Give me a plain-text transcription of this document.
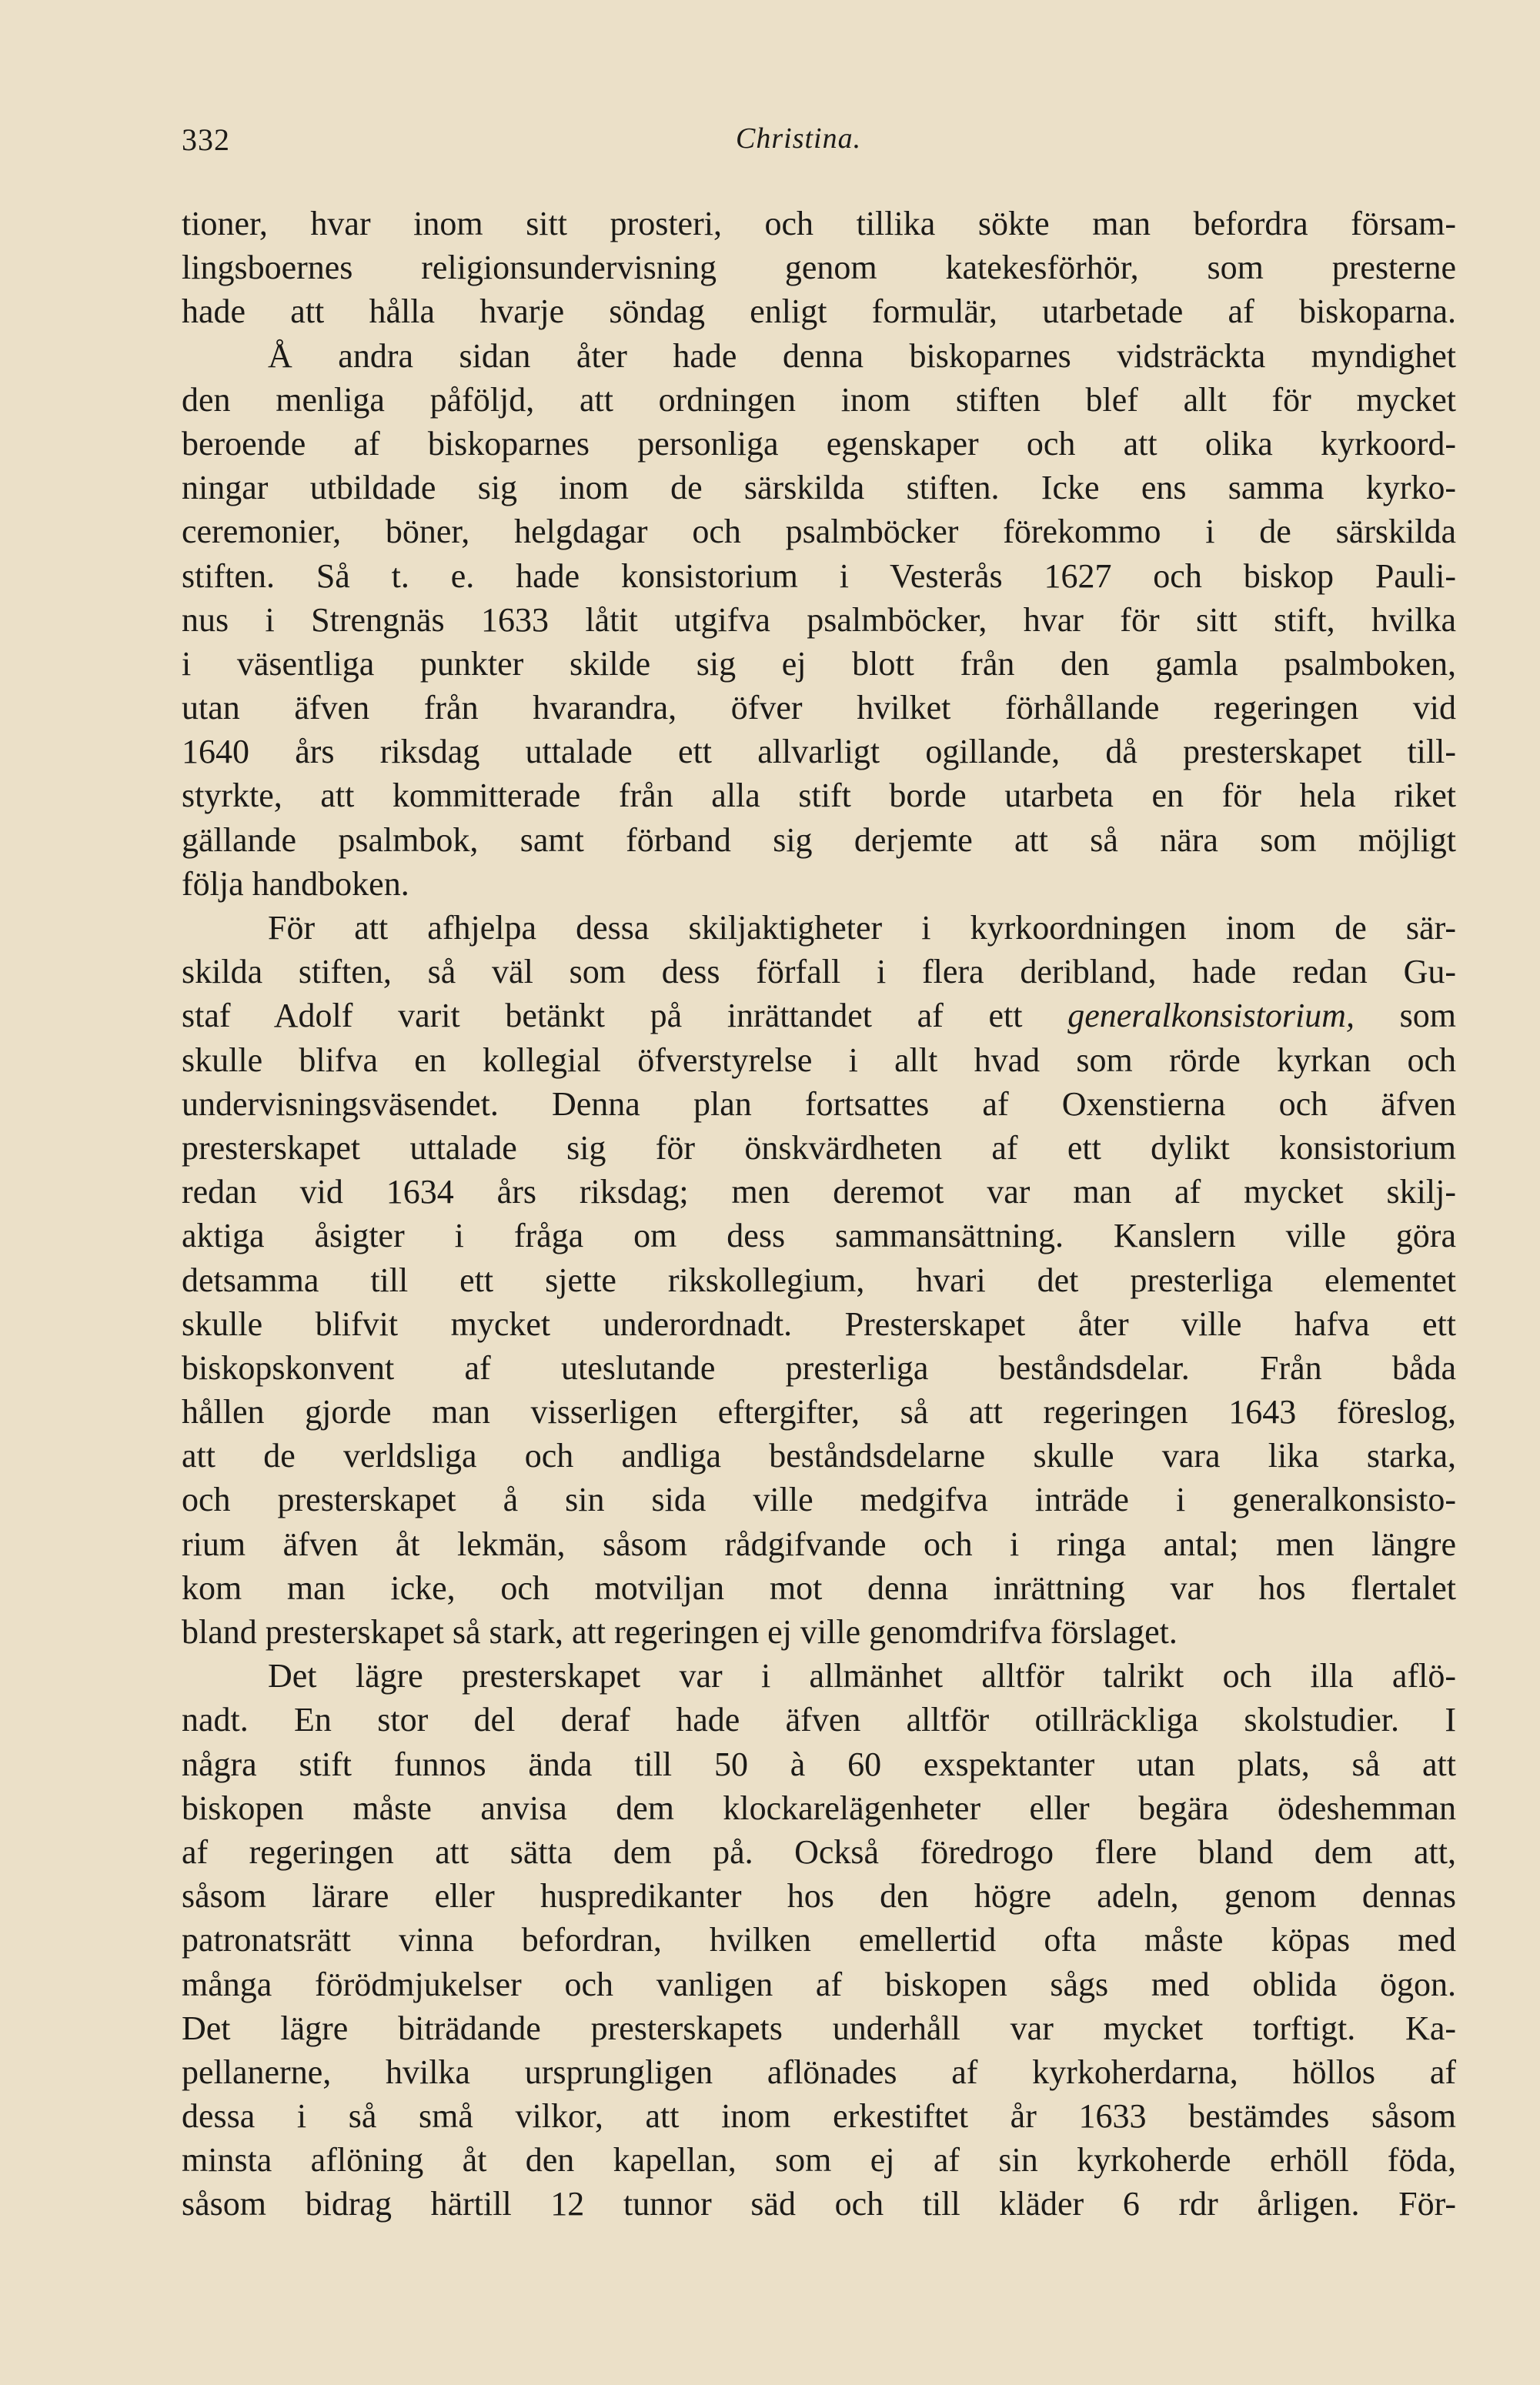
332	Christina.
tioner, hvar inom sitt prosteri, och tillika sökte man befordra försam-
lingsboernes religionsundervisning genom katekesförhör, som presterne
hade att hålla hvarje söndag enligt formulär, utarbetade af biskoparna.
Å andra sidan åter hade denna biskoparnes vidsträckta myndighet
den menliga påföljd, att ordningen inom stiften blef allt för mycket
beroende af biskoparnes personliga egenskaper och att olika kyrkoord-
ningar utbildade sig inom de särskilda stiften. Icke ens samma kyrko-
ceremonier, böner, helgdagar och psalmböcker förekommo i de särskilda
stiften. Så t. e. hade konsistorium i Vesterås 1627 och biskop Pauli-
nus i Strengnäs 1633 låtit utgifva psalmböcker, hvar för sitt stift, hvilka
i väsentliga punkter skilde sig ej blott från den gamla psalmboken,
utan äfven från hvarandra, öfver hvilket förhållande regeringen vid
1640 års riksdag uttalade ett allvarligt ogillande, då presterskapet till-
styrkte, att kommitterade från alla stift borde utarbeta en för hela riket
gällande psalmbok, samt förband sig derjemte att så nära som möjligt
följa handboken.
För att afhjelpa dessa skiljaktigheter i kyrkoordningen inom de sär-
skilda stiften, så väl som dess förfall i flera deribland, hade redan Gu-
staf Adolf varit betänkt på inrättandet af ett generalkonsistorium, som
skulle blifva en kollegial öfverstyrelse i allt hvad som rörde kyrkan och
undervisningsväsendet. Denna plan fortsattes af Oxenstierna och äfven
presterskapet uttalade sig för önskvärdheten af ett dylikt konsistorium
redan vid 1634 års riksdag; men deremot var man af mycket skilj-
aktiga åsigter i fråga om dess sammansättning. Kanslern ville göra
detsamma till ett sjette rikskollegium, hvari det presterliga elementet
skulle blifvit mycket underordnadt. Presterskapet åter ville hafva ett
biskopskonvent af uteslutande presterliga beståndsdelar. Från båda
hållen gjorde man visserligen eftergifter, så att regeringen 1643 föreslog,
att de verldsliga och andliga beståndsdelarne skulle vara lika starka,
och presterskapet å sin sida ville medgifva inträde i generalkonsisto-
rium äfven åt lekmän, såsom rådgifvande och i ringa antal; men längre
kom man icke, och motviljan mot denna inrättning var hos flertalet
bland presterskapet så stark, att regeringen ej ville genomdrifva förslaget.
Det lägre presterskapet var i allmänhet alltför talrikt och illa aflö-
nadt. En stor del deraf hade äfven alltför otillräckliga skolstudier. I
några stift funnos ända till 50 à 60 exspektanter utan plats, så att
biskopen måste anvisa dem klockarelägenheter eller begära ödeshemman
af regeringen att sätta dem på. Också föredrogo flere bland dem att,
såsom lärare eller huspredikanter hos den högre adeln, genom dennas
patronatsrätt vinna befordran, hvilken emellertid ofta måste köpas med
många förödmjukelser och vanligen af biskopen sågs med oblida ögon.
Det lägre biträdande presterskapets underhåll var mycket torftigt. Ka-
pellanerne, hvilka ursprungligen aflönades af kyrkoherdarna, höllos af
dessa i så små vilkor, att inom erkestiftet år 1633 bestämdes såsom
minsta aflöning åt den kapellan, som ej af sin kyrkoherde erhöll föda,
såsom bidrag härtill 12 tunnor säd och till kläder 6 rdr årligen. För-
